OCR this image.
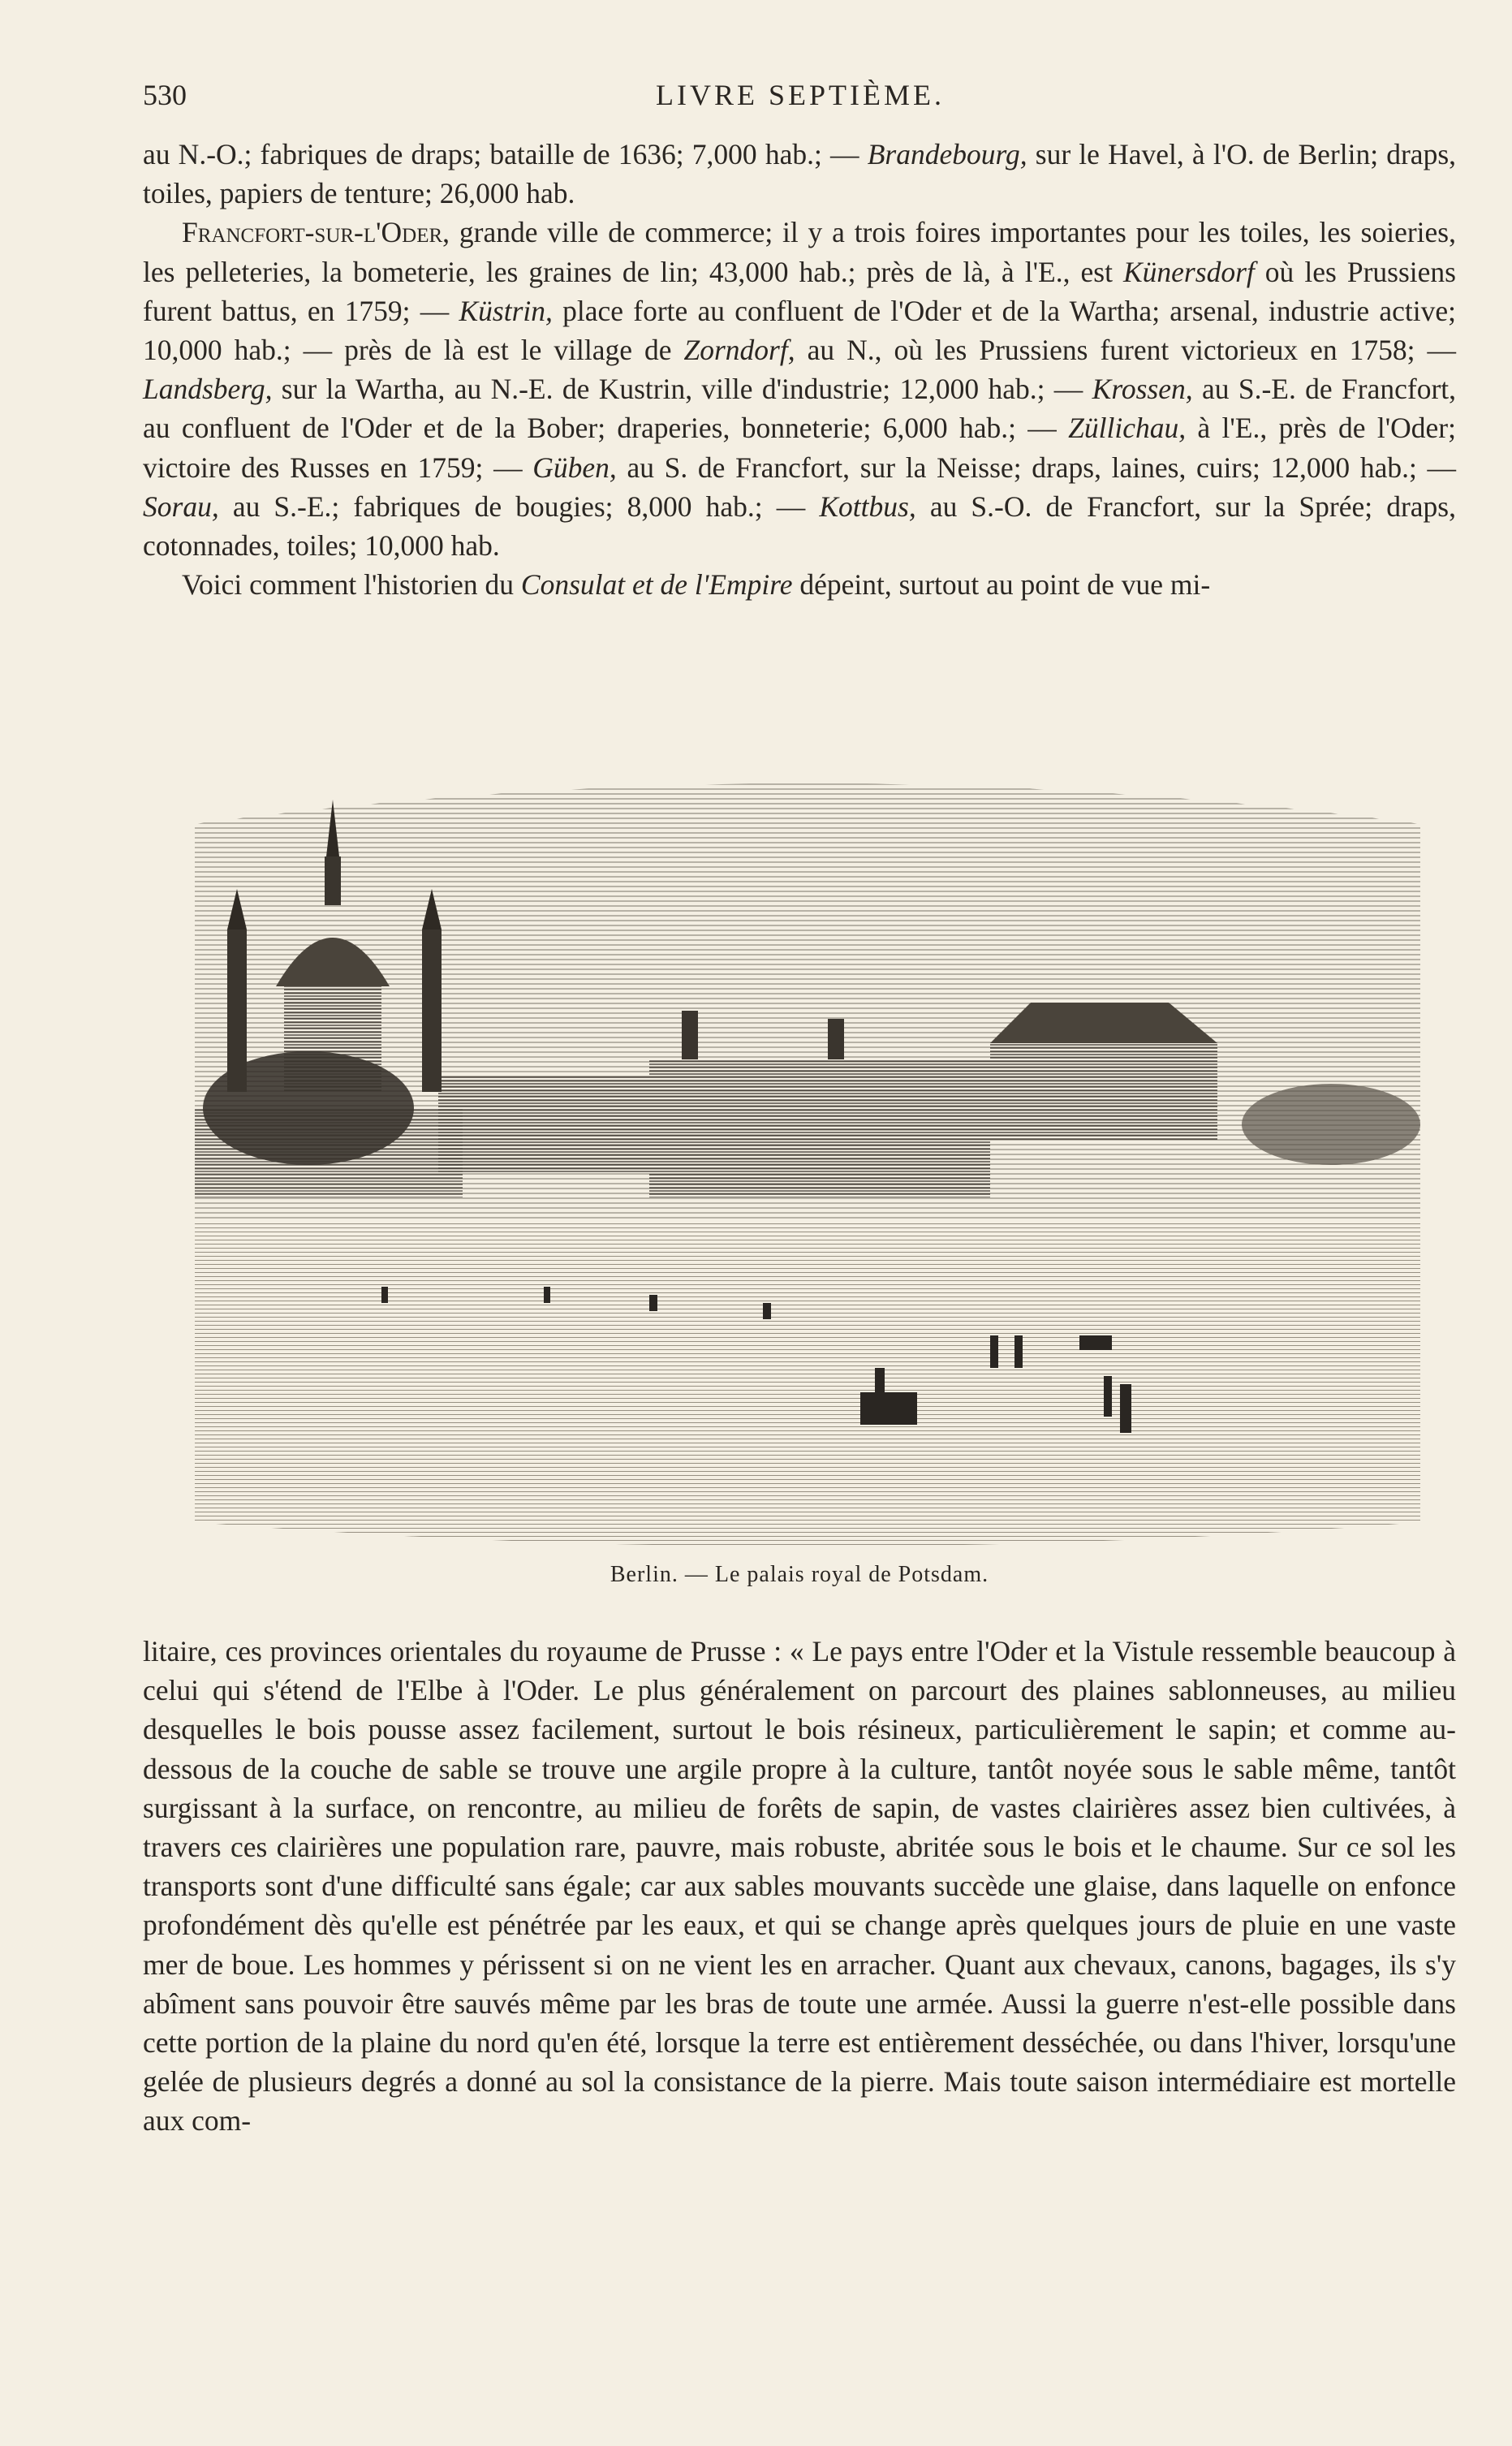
530	LIVRE SEPTIÈME.

au N.-O.; fabriques de draps; bataille de 1636; 7,000 hab.; — Brandebourg, sur le Havel, à l'O. de Berlin; draps, toiles, papiers de tenture; 26,000 hab.

Francfort-sur-l'Oder, grande ville de commerce; il y a trois foires importantes pour les toiles, les soieries, les pelleteries, la bometerie, les graines de lin; 43,000 hab.; près de là, à l'E., est Künersdorf où les Prussiens furent battus, en 1759; — Küstrin, place forte au confluent de l'Oder et de la Wartha; arsenal, industrie active; 10,000 hab.; — près de là est le village de Zorndorf, au N., où les Prussiens furent victorieux en 1758; — Landsberg, sur la Wartha, au N.-E. de Kustrin, ville d'industrie; 12,000 hab.; — Krossen, au S.-E. de Francfort, au confluent de l'Oder et de la Bober; draperies, bonneterie; 6,000 hab.; — Züllichau, à l'E., près de l'Oder; victoire des Russes en 1759; — Güben, au S. de Francfort, sur la Neisse; draps, laines, cuirs; 12,000 hab.; — Sorau, au S.-E.; fabriques de bougies; 8,000 hab.; — Kottbus, au S.-O. de Francfort, sur la Sprée; draps, cotonnades, toiles; 10,000 hab.

Voici comment l'historien du Consulat et de l'Empire dépeint, surtout au point de vue mi-

Berlin. — Le palais royal de Potsdam.

litaire, ces provinces orientales du royaume de Prusse : « Le pays entre l'Oder et la Vistule ressemble beaucoup à celui qui s'étend de l'Elbe à l'Oder. Le plus généralement on parcourt des plaines sablonneuses, au milieu desquelles le bois pousse assez facilement, surtout le bois résineux, particulièrement le sapin; et comme au-dessous de la couche de sable se trouve une argile propre à la culture, tantôt noyée sous le sable même, tantôt surgissant à la surface, on rencontre, au milieu de forêts de sapin, de vastes clairières assez bien cultivées, à travers ces clairières une population rare, pauvre, mais robuste, abritée sous le bois et le chaume. Sur ce sol les transports sont d'une difficulté sans égale; car aux sables mouvants succède une glaise, dans laquelle on enfonce profondément dès qu'elle est pénétrée par les eaux, et qui se change après quelques jours de pluie en une vaste mer de boue. Les hommes y périssent si on ne vient les en arracher. Quant aux chevaux, canons, bagages, ils s'y abîment sans pouvoir être sauvés même par les bras de toute une armée. Aussi la guerre n'est-elle possible dans cette portion de la plaine du nord qu'en été, lorsque la terre est entièrement desséchée, ou dans l'hiver, lorsqu'une gelée de plusieurs degrés a donné au sol la consistance de la pierre. Mais toute saison intermédiaire est mortelle aux com-
